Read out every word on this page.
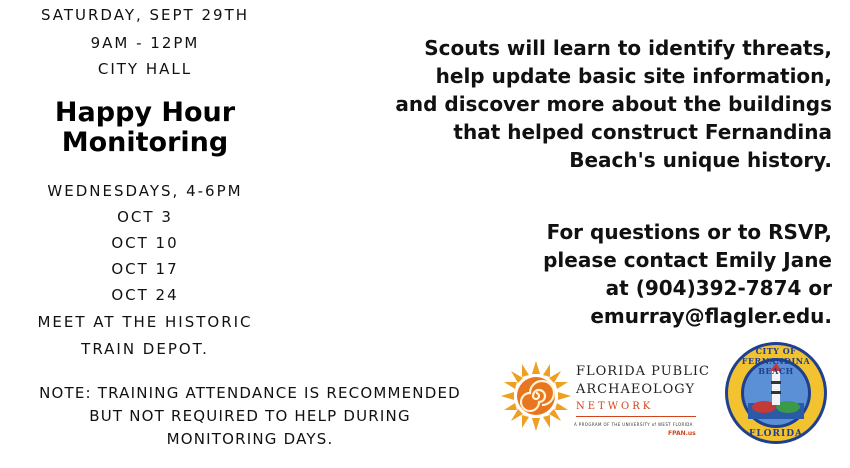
SATURDAY, SEPT 29TH
9AM - 12PM
CITY HALL
Happy Hour
Monitoring
WEDNESDAYS, 4-6PM
OCT 3
OCT 10
OCT 17
OCT 24
MEET AT THE HISTORIC
TRAIN DEPOT.
Scouts will learn to identify threats,
help update basic site information,
and discover more about the buildings
that helped construct Fernandina
Beach's unique history.
For questions or to RSVP,
please contact Emily Jane
at (904)392-7874 or
emurray@flagler.edu.
NOTE: TRAINING ATTENDANCE IS RECOMMENDED
BUT NOT REQUIRED TO HELP DURING
MONITORING DAYS.
FLORIDA PUBLIC
ARCHAEOLOGY
NETWORK
A PROGRAM OF THE UNIVERSITY of WEST FLORIDA
FPAN.us
CITY OF FERNANDINA BEACH
FLORIDA
